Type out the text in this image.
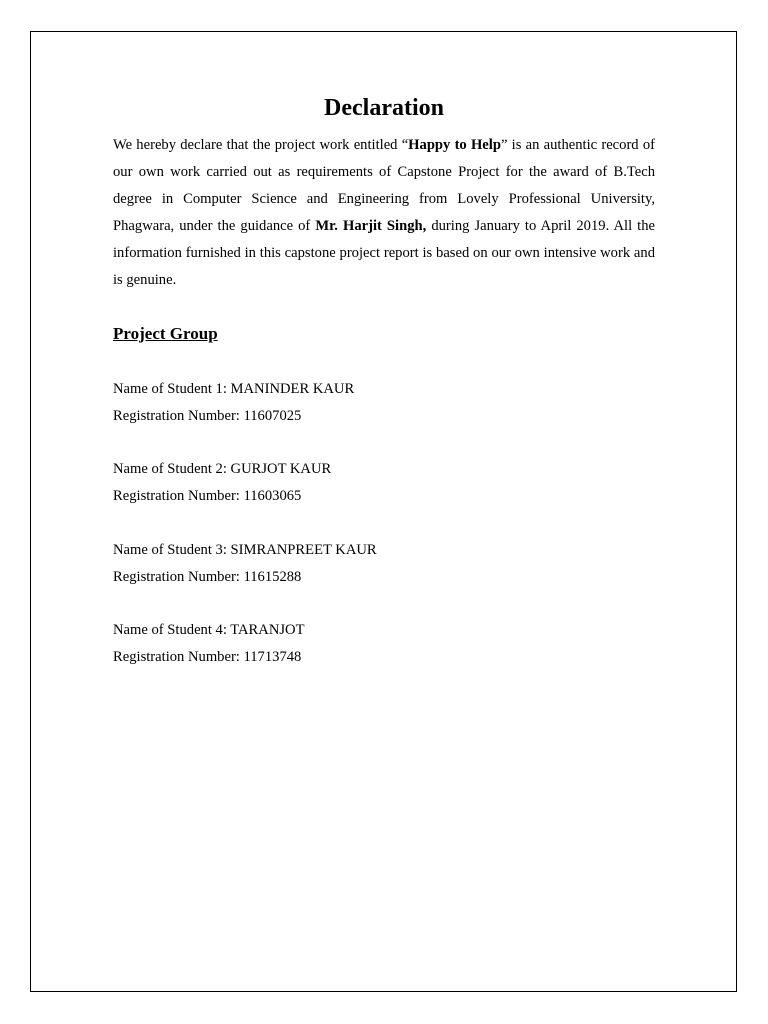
Declaration

We hereby declare that the project work entitled “Happy to Help” is an authentic record of our own work carried out as requirements of Capstone Project for the award of B.Tech degree in Computer Science and Engineering from Lovely Professional University, Phagwara, under the guidance of Mr. Harjit Singh, during January to April 2019. All the information furnished in this capstone project report is based on our own intensive work and is genuine.

Project Group
Name of Student 1: MANINDER KAUR
Registration Number: 11607025
Name of Student 2: GURJOT KAUR
Registration Number: 11603065
Name of Student 3: SIMRANPREET KAUR
Registration Number: 11615288
Name of Student 4: TARANJOT
Registration Number: 11713748
